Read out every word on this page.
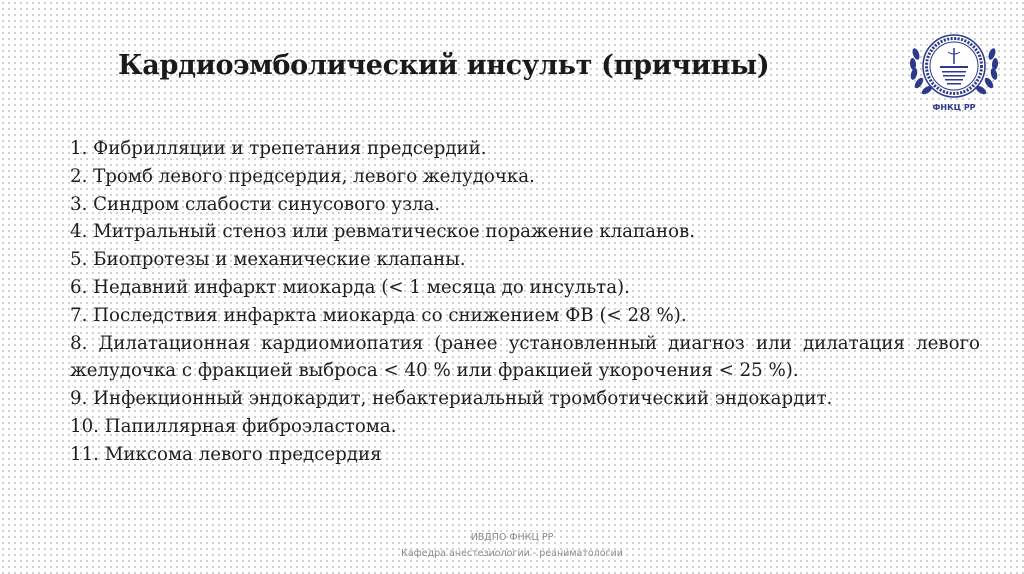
Кардиоэмболический инсульт (причины)
ФНКЦ РР

1. Фибрилляции и трепетания предсердий.

2. Тромб левого предсердия, левого желудочка.

3. Синдром слабости синусового узла.

4. Митральный стеноз или ревматическое поражение клапанов.

5. Биопротезы и механические клапаны.

6. Недавний инфаркт миокарда (< 1 месяца до инсульта).

7. Последствия инфаркта миокарда со снижением ФВ (< 28 %).

8. Дилатационная кардиомиопатия (ранее установленный диагноз или дилатация левого желудочка с фракцией выброса < 40 % или фракцией укорочения < 25 %).

9. Инфекционный эндокардит, небактериальный тромботический эндокардит.

10. Папиллярная фиброэластома.

11. Миксома левого предсердия

ИВДПО ФНКЦ РР
Кафедра анестезиологии - реаниматологии
